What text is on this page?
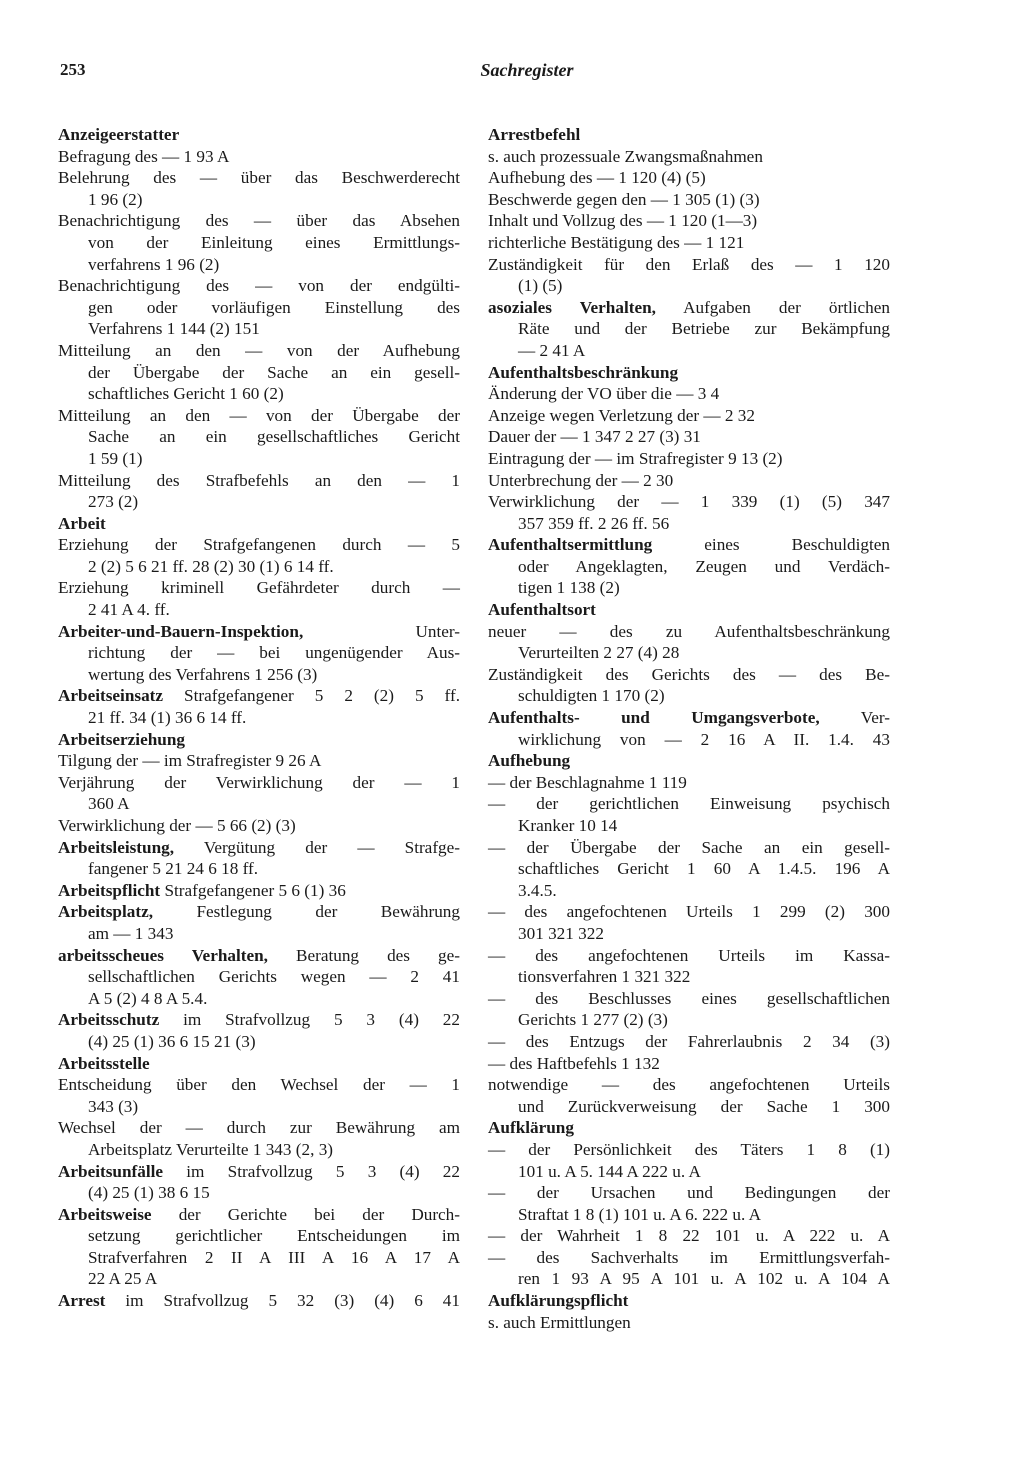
253	Sachregister
Anzeigeerstatter
Befragung des — 1 93 A
Belehrung des — über das Beschwerderecht
1 96 (2)
Benachrichtigung des — über das Absehen
von der Einleitung eines Ermittlungs-
verfahrens 1 96 (2)
Benachrichtigung des — von der endgülti-
gen oder vorläufigen Einstellung des
Verfahrens 1 144 (2) 151
Mitteilung an den — von der Aufhebung
der Übergabe der Sache an ein gesell-
schaftliches Gericht 1 60 (2)
Mitteilung an den — von der Übergabe der
Sache an ein gesellschaftliches Gericht
1 59 (1)
Mitteilung des Strafbefehls an den — 1
273 (2)
Arbeit
Erziehung der Strafgefangenen durch — 5
2 (2) 5 6 21 ff. 28 (2) 30 (1) 6 14 ff.
Erziehung kriminell Gefährdeter durch —
2 41 A 4. ff.
Arbeiter-und-Bauern-Inspektion, Unter-
richtung der — bei ungenügender Aus-
wertung des Verfahrens 1 256 (3)
Arbeitseinsatz Strafgefangener 5 2 (2) 5 ff.
21 ff. 34 (1) 36 6 14 ff.
Arbeitserziehung
Tilgung der — im Strafregister 9 26 A
Verjährung der Verwirklichung der — 1
360 A
Verwirklichung der — 5 66 (2) (3)
Arbeitsleistung, Vergütung der — Strafge-
fangener 5 21 24 6 18 ff.
Arbeitspflicht Strafgefangener 5 6 (1) 36
Arbeitsplatz, Festlegung der Bewährung
am — 1 343
arbeitsscheues Verhalten, Beratung des ge-
sellschaftlichen Gerichts wegen — 2 41
A 5 (2) 4 8 A 5.4.
Arbeitsschutz im Strafvollzug 5 3 (4) 22
(4) 25 (1) 36 6 15 21 (3)
Arbeitsstelle
Entscheidung über den Wechsel der — 1
343 (3)
Wechsel der — durch zur Bewährung am
Arbeitsplatz Verurteilte 1 343 (2, 3)
Arbeitsunfälle im Strafvollzug 5 3 (4) 22
(4) 25 (1) 38 6 15
Arbeitsweise der Gerichte bei der Durch-
setzung gerichtlicher Entscheidungen im
Strafverfahren 2 II A III A 16 A 17 A
22 A 25 A
Arrest im Strafvollzug 5 32 (3) (4) 6 41
Arrestbefehl
s. auch prozessuale Zwangsmaßnahmen
Aufhebung des — 1 120 (4) (5)
Beschwerde gegen den — 1 305 (1) (3)
Inhalt und Vollzug des — 1 120 (1—3)
richterliche Bestätigung des — 1 121
Zuständigkeit für den Erlaß des — 1 120
(1) (5)
asoziales Verhalten, Aufgaben der örtlichen
Räte und der Betriebe zur Bekämpfung
— 2 41 A
Aufenthaltsbeschränkung
Änderung der VO über die — 3 4
Anzeige wegen Verletzung der — 2 32
Dauer der — 1 347 2 27 (3) 31
Eintragung der — im Strafregister 9 13 (2)
Unterbrechung der — 2 30
Verwirklichung der — 1 339 (1) (5) 347
357 359 ff. 2 26 ff. 56
Aufenthaltsermittlung eines Beschuldigten
oder Angeklagten, Zeugen und Verdäch-
tigen 1 138 (2)
Aufenthaltsort
neuer — des zu Aufenthaltsbeschränkung
Verurteilten 2 27 (4) 28
Zuständigkeit des Gerichts des — des Be-
schuldigten 1 170 (2)
Aufenthalts- und Umgangsverbote, Ver-
wirklichung von — 2 16 A II. 1.4. 43
Aufhebung
— der Beschlagnahme 1 119
— der gerichtlichen Einweisung psychisch
Kranker 10 14
— der Übergabe der Sache an ein gesell-
schaftliches Gericht 1 60 A 1.4.5. 196 A
3.4.5.
— des angefochtenen Urteils 1 299 (2) 300
301 321 322
— des angefochtenen Urteils im Kassa-
tionsverfahren 1 321 322
— des Beschlusses eines gesellschaftlichen
Gerichts 1 277 (2) (3)
— des Entzugs der Fahrerlaubnis 2 34 (3)
— des Haftbefehls 1 132
notwendige — des angefochtenen Urteils
und Zurückverweisung der Sache 1 300
Aufklärung
— der Persönlichkeit des Täters 1 8 (1)
101 u. A 5. 144 A 222 u. A
— der Ursachen und Bedingungen der
Straftat 1 8 (1) 101 u. A 6. 222 u. A
— der Wahrheit 1 8 22 101 u. A 222 u. A
— des Sachverhalts im Ermittlungsverfah-
ren 1 93 A 95 A 101 u. A 102 u. A 104 A
Aufklärungspflicht
s. auch Ermittlungen
